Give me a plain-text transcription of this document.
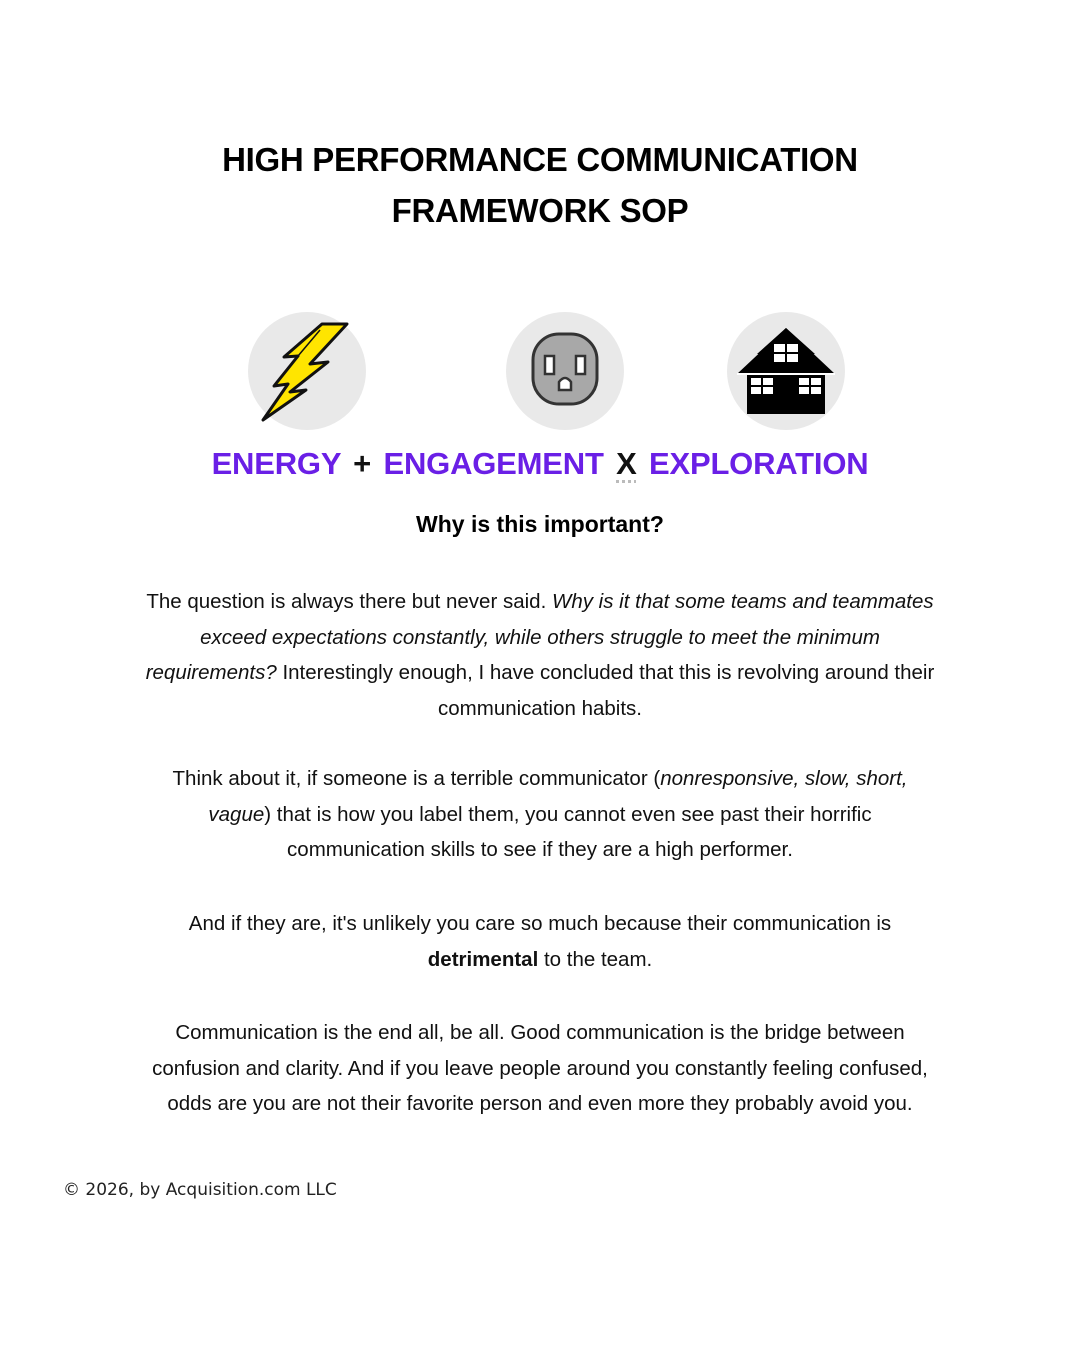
HIGH PERFORMANCE COMMUNICATION
FRAMEWORK SOP
ENERGY + ENGAGEMENT X EXPLORATION
Why is this important?
The question is always there but never said. Why is it that some teams and teammates exceed expectations constantly, while others struggle to meet the minimum requirements? Interestingly enough, I have concluded that this is revolving around their communication habits.
Think about it, if someone is a terrible communicator (nonresponsive, slow, short, vague) that is how you label them, you cannot even see past their horrific communication skills to see if they are a high performer.
And if they are, it's unlikely you care so much because their communication is detrimental to the team.
Communication is the end all, be all. Good communication is the bridge between confusion and clarity. And if you leave people around you constantly feeling confused, odds are you are not their favorite person and even more they probably avoid you.
© 2026, by Acquisition.com LLC
